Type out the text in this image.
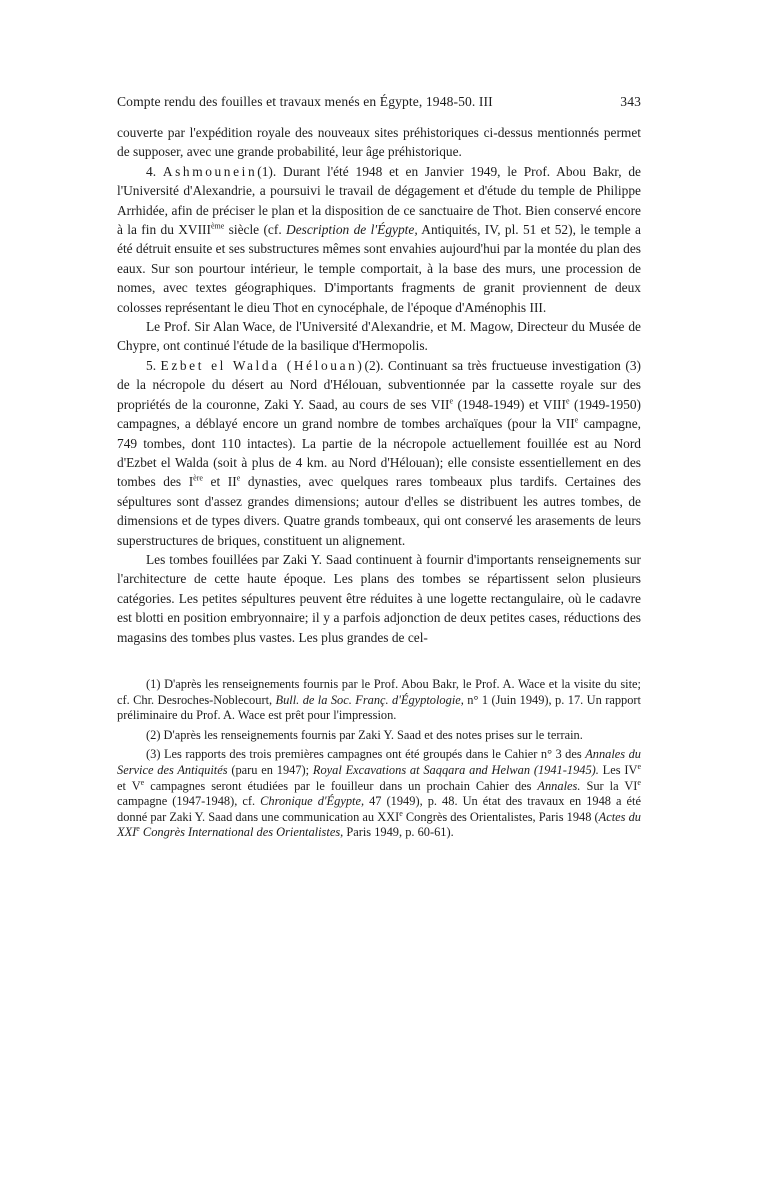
Compte rendu des fouilles et travaux menés en Égypte, 1948-50. III	343

couverte par l'expédition royale des nouveaux sites préhistoriques ci-dessus mentionnés permet de supposer, avec une grande probabilité, leur âge préhistorique.

4. Ashmounein(1). Durant l'été 1948 et en Janvier 1949, le Prof. Abou Bakr, de l'Université d'Alexandrie, a poursuivi le travail de dégagement et d'étude du temple de Philippe Arrhidée, afin de préciser le plan et la disposition de ce sanctuaire de Thot. Bien conservé encore à la fin du XVIIIème siècle (cf. Description de l'Égypte, Antiquités, IV, pl. 51 et 52), le temple a été détruit ensuite et ses substructures mêmes sont envahies aujourd'hui par la montée du plan des eaux. Sur son pourtour intérieur, le temple comportait, à la base des murs, une procession de nomes, avec textes géographiques. D'importants fragments de granit proviennent de deux colosses représentant le dieu Thot en cynocéphale, de l'époque d'Aménophis III.

Le Prof. Sir Alan Wace, de l'Université d'Alexandrie, et M. Magow, Directeur du Musée de Chypre, ont continué l'étude de la basilique d'Hermopolis.

5. Ezbet el Walda (Hélouan)(2). Continuant sa très fructueuse investigation (3) de la nécropole du désert au Nord d'Hélouan, subventionnée par la cassette royale sur des propriétés de la couronne, Zaki Y. Saad, au cours de ses VIIe (1948-1949) et VIIIe (1949-1950) campagnes, a déblayé encore un grand nombre de tombes archaïques (pour la VIIe campagne, 749 tombes, dont 110 intactes). La partie de la nécropole actuellement fouillée est au Nord d'Ezbet el Walda (soit à plus de 4 km. au Nord d'Hélouan); elle consiste essentiellement en des tombes des Ière et IIe dynasties, avec quelques rares tombeaux plus tardifs. Certaines des sépultures sont d'assez grandes dimensions; autour d'elles se distribuent les autres tombes, de dimensions et de types divers. Quatre grands tombeaux, qui ont conservé les arasements de leurs superstructures de briques, constituent un alignement.

Les tombes fouillées par Zaki Y. Saad continuent à fournir d'importants renseignements sur l'architecture de cette haute époque. Les plans des tombes se répartissent selon plusieurs catégories. Les petites sépultures peuvent être réduites à une logette rectangulaire, où le cadavre est blotti en position embryonnaire; il y a parfois adjonction de deux petites cases, réductions des magasins des tombes plus vastes. Les plus grandes de cel-

(1) D'après les renseignements fournis par le Prof. Abou Bakr, le Prof. A. Wace et la visite du site; cf. Chr. Desroches-Noblecourt, Bull. de la Soc. Franç. d'Égyptologie, n° 1 (Juin 1949), p. 17. Un rapport préliminaire du Prof. A. Wace est prêt pour l'impression.

(2) D'après les renseignements fournis par Zaki Y. Saad et des notes prises sur le terrain.

(3) Les rapports des trois premières campagnes ont été groupés dans le Cahier n° 3 des Annales du Service des Antiquités (paru en 1947); Royal Excavations at Saqqara and Helwan (1941-1945). Les IVe et Ve campagnes seront étudiées par le fouilleur dans un prochain Cahier des Annales. Sur la VIe campagne (1947-1948), cf. Chronique d'Égypte, 47 (1949), p. 48. Un état des travaux en 1948 a été donné par Zaki Y. Saad dans une communication au XXIe Congrès des Orientalistes, Paris 1948 (Actes du XXIe Congrès International des Orientalistes, Paris 1949, p. 60-61).
